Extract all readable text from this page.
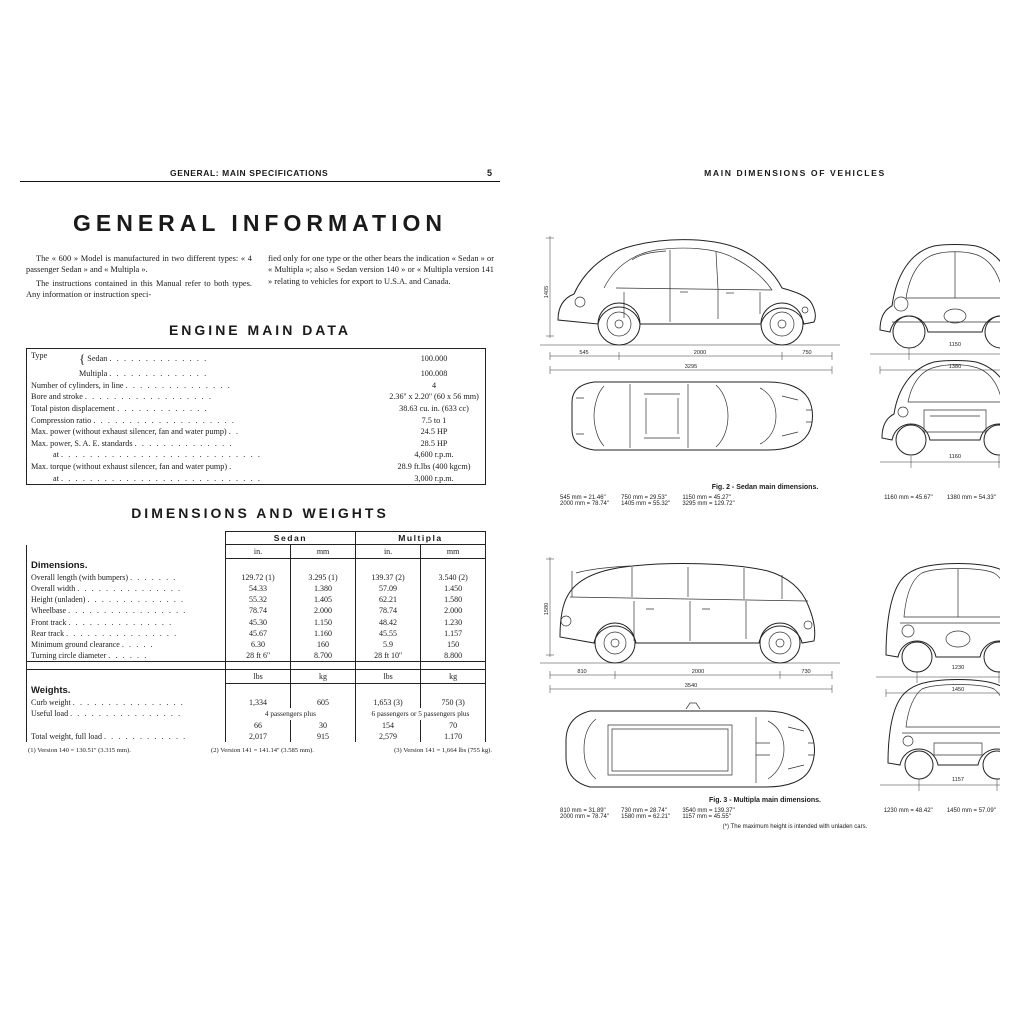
GENERAL: MAIN SPECIFICATIONS	5
GENERAL INFORMATION

The « 600 » Model is manufactured in two different types: « 4 passenger Sedan » and « Multipla ».

The instructions contained in this Manual refer to both types. Any information or instruction speci-

fied only for one type or the other bears the indication « Sedan » or « Multipla »; also « Sedan version 140 » or « Multipla version 141 » relating to vehicles for export to U.S.A. and Canada.

ENGINE MAIN DATA
Type { Sedan . . . . . . . . . . . . . .	100.000
Multipla . . . . . . . . . . . . . .	100.008
Number of cylinders, in line . . . . . . . . . . . . . . .	4
Bore and stroke . . . . . . . . . . . . . . . . . .	2.36'' x 2.20'' (60 x 56 mm)
Total piston displacement . . . . . . . . . . . . .	38.63 cu. in. (633 cc)
Compression ratio . . . . . . . . . . . . . . . . . . . .	7.5 to 1
Max. power (without exhaust silencer, fan and water pump) . .	24.5 HP
Max. power, S. A. E. standards . . . . . . . . . . . . . .	28.5 HP
at . . . . . . . . . . . . . . . . . . . . . . . . . . . .	4,600 r.p.m.
Max. torque (without exhaust silencer, fan and water pump) .	28.9 ft.lbs (400 kgcm)
at . . . . . . . . . . . . . . . . . . . . . . . . . . . .	3,000 r.p.m.
DIMENSIONS AND WEIGHTS
	Sedan		Multipla	
	in.	mm	in.	mm
Dimensions.				
Overall length (with bumpers) . . . . . . .	129.72 (1)	3.295 (1)	139.37 (2)	3.540 (2)
Overall width . . . . . . . . . . . . . . .	54.33	1.380	57.09	1.450
Height (unladen) . . . . . . . . . . . . . .	55.32	1.405	62.21	1.580
Wheelbase . . . . . . . . . . . . . . . . .	78.74	2.000	78.74	2.000
Front track . . . . . . . . . . . . . . .	45.30	1.150	48.42	1.230
Rear track . . . . . . . . . . . . . . . .	45.67	1.160	45.55	1.157
Minimum ground clearance . . . . .	6.30	160	5.9	150
Turning circle diameter . . . . . .	28 ft 6''	8.700	28 ft 10''	8.800

	lbs	kg	lbs	kg
Weights.				
Curb weight . . . . . . . . . . . . . . . .	1,334	605	1,653 (3)	750 (3)
Useful load . . . . . . . . . . . . . . . .	4 passengers plus		6 passengers or 5 passengers plus	
	66	30	154	70
Total weight, full load . . . . . . . . . . . .	2,017	915	2,579	1.170
(1) Version 140 = 130.51'' (3.315 mm).	(2) Version 141 = 141.14'' (3.585 mm).	(3) Version 141 = 1,664 lbs (755 kg).
MAIN DIMENSIONS OF VEHICLES
1405
545	2000	750
3295
1150
1380
1160
Fig. 2 - Sedan main dimensions.
545 mm = 21.46''
2000 mm = 78.74''
750 mm = 29.53''
1405 mm = 55.32''
1150 mm = 45.27''
3295 mm = 129.72''
1160 mm = 45.67'' 1380 mm = 54.33''
1580
810	2000	730
3540
1230
1450
1157
Fig. 3 - Multipla main dimensions.
810 mm = 31.89''
2000 mm = 78.74''
730 mm = 28.74''
1580 mm = 62.21''
3540 mm = 139.37''
1157 mm = 45.55''
1230 mm = 48.42'' 1450 mm = 57.09''
(*) The maximum height is intended with unladen cars.
